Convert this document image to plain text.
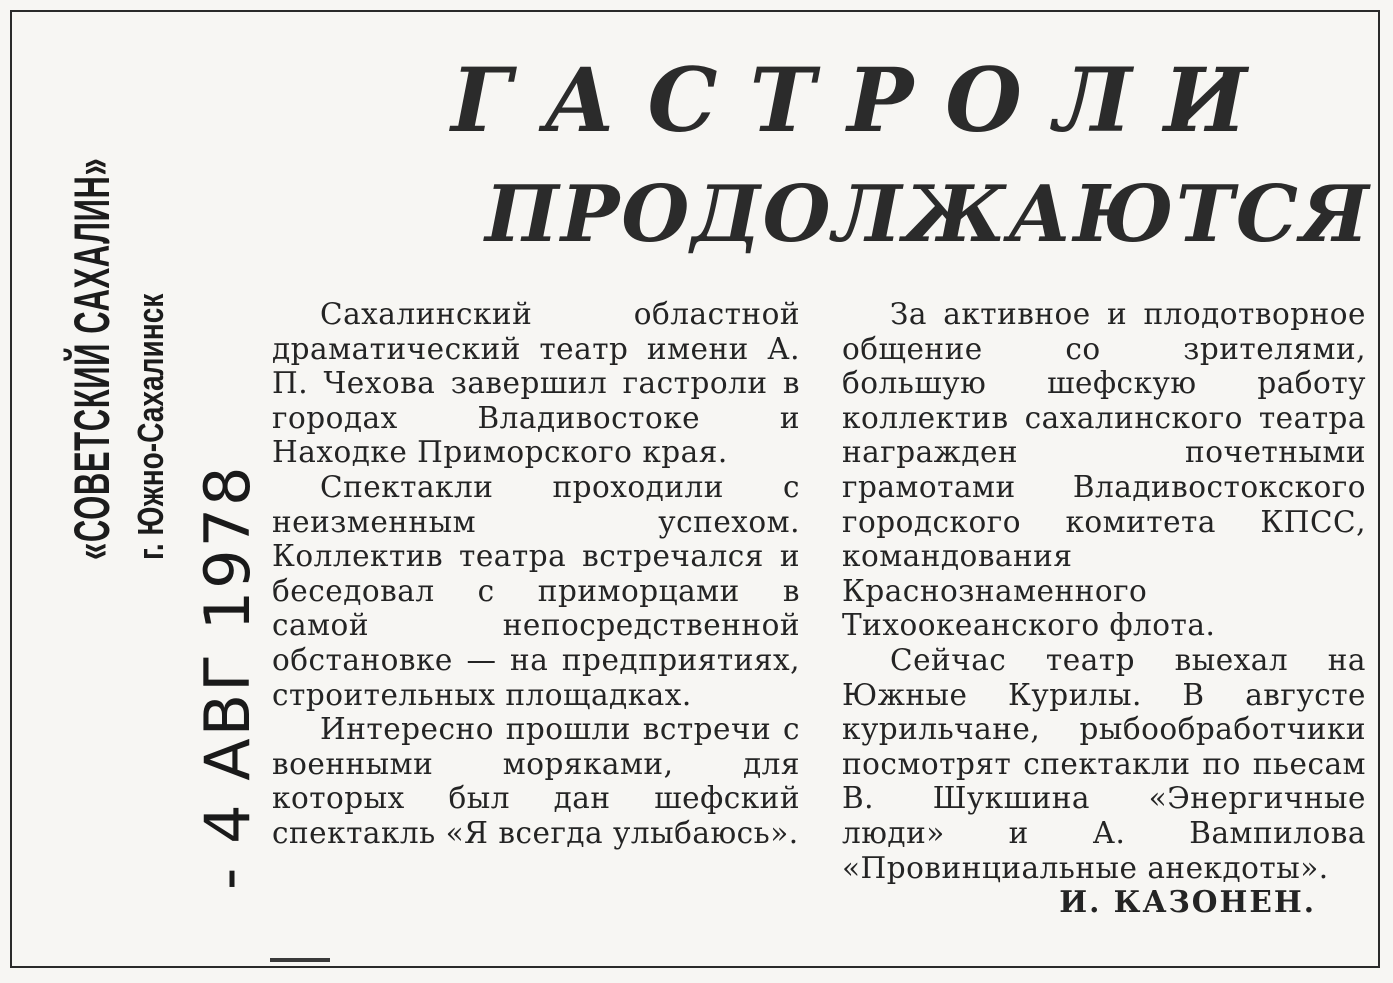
«СОВЕТСКИЙ САХАЛИН» г. Южно-Сахалинск
- 4 АВГ 1978
ГАСТРОЛИ
ПРОДОЛЖАЮТСЯ

Сахалинский областной драматический театр имени А. П. Чехова завершил гастроли в городах Владивостоке и Находке Приморского края.

Спектакли проходили с неизменным успехом. Коллектив театра встречался и беседовал с приморцами в самой непосредственной обстановке — на предприятиях, строительных площадках.

Интересно прошли встречи с военными моряками, для которых был дан шефский спектакль «Я всегда улыбаюсь».

За активное и плодотворное общение со зрителями, большую шефскую работу коллектив сахалинского театра награжден почетными грамотами Владивостокского городского комитета КПСС, командования Краснознаменного Тихоокеанского флота.

Сейчас театр выехал на Южные Курилы. В августе курильчане, рыбообработчики посмотрят спектакли по пьесам В. Шукшина «Энергичные люди» и А. Вампилова «Провинциальные анекдоты».

И. КАЗОНЕН.
